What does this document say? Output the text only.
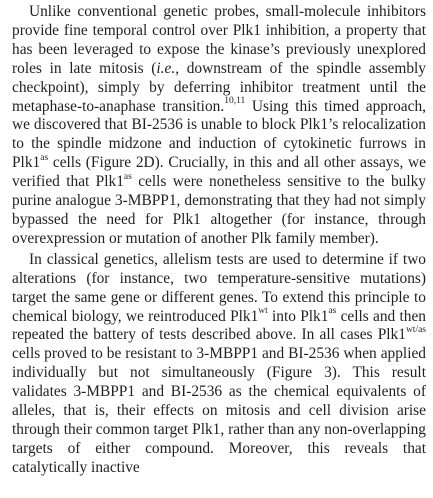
Unlike conventional genetic probes, small-molecule inhibitors provide fine temporal control over Plk1 inhibition, a property that has been leveraged to expose the kinase’s previously unexplored roles in late mitosis (i.e., downstream of the spindle assembly checkpoint), simply by deferring inhibitor treatment until the metaphase-to-anaphase transition.$^{10,11}$ Using this timed approach, we discovered that BI-2536 is unable to block Plk1’s relocalization to the spindle midzone and induction of cytokinetic furrows in $Plk1^{as}$ cells (Figure 2D). Crucially, in this and all other assays, we verified that $Plk1^{as}$ cells were nonetheless sensitive to the bulky purine analogue 3-MBPP1, demonstrating that they had not simply bypassed the need for Plk1 altogether (for instance, through overexpression or mutation of another Plk family member).

In classical genetics, allelism tests are used to determine if two alterations (for instance, two temperature-sensitive mutations) target the same gene or different genes. To extend this principle to chemical biology, we reintroduced $Plk1^{wt}$ into $Plk1^{as}$ cells and then repeated the battery of tests described above. In all cases $Plk1^{wt/as}$ cells proved to be resistant to 3-MBPP1 and BI-2536 when applied individually but not simultaneously (Figure 3). This result validates 3-MBPP1 and BI-2536 as the chemical equivalents of alleles, that is, their effects on mitosis and cell division arise through their common target Plk1, rather than any non-overlapping targets of either compound. Moreover, this reveals that catalytically inactive
